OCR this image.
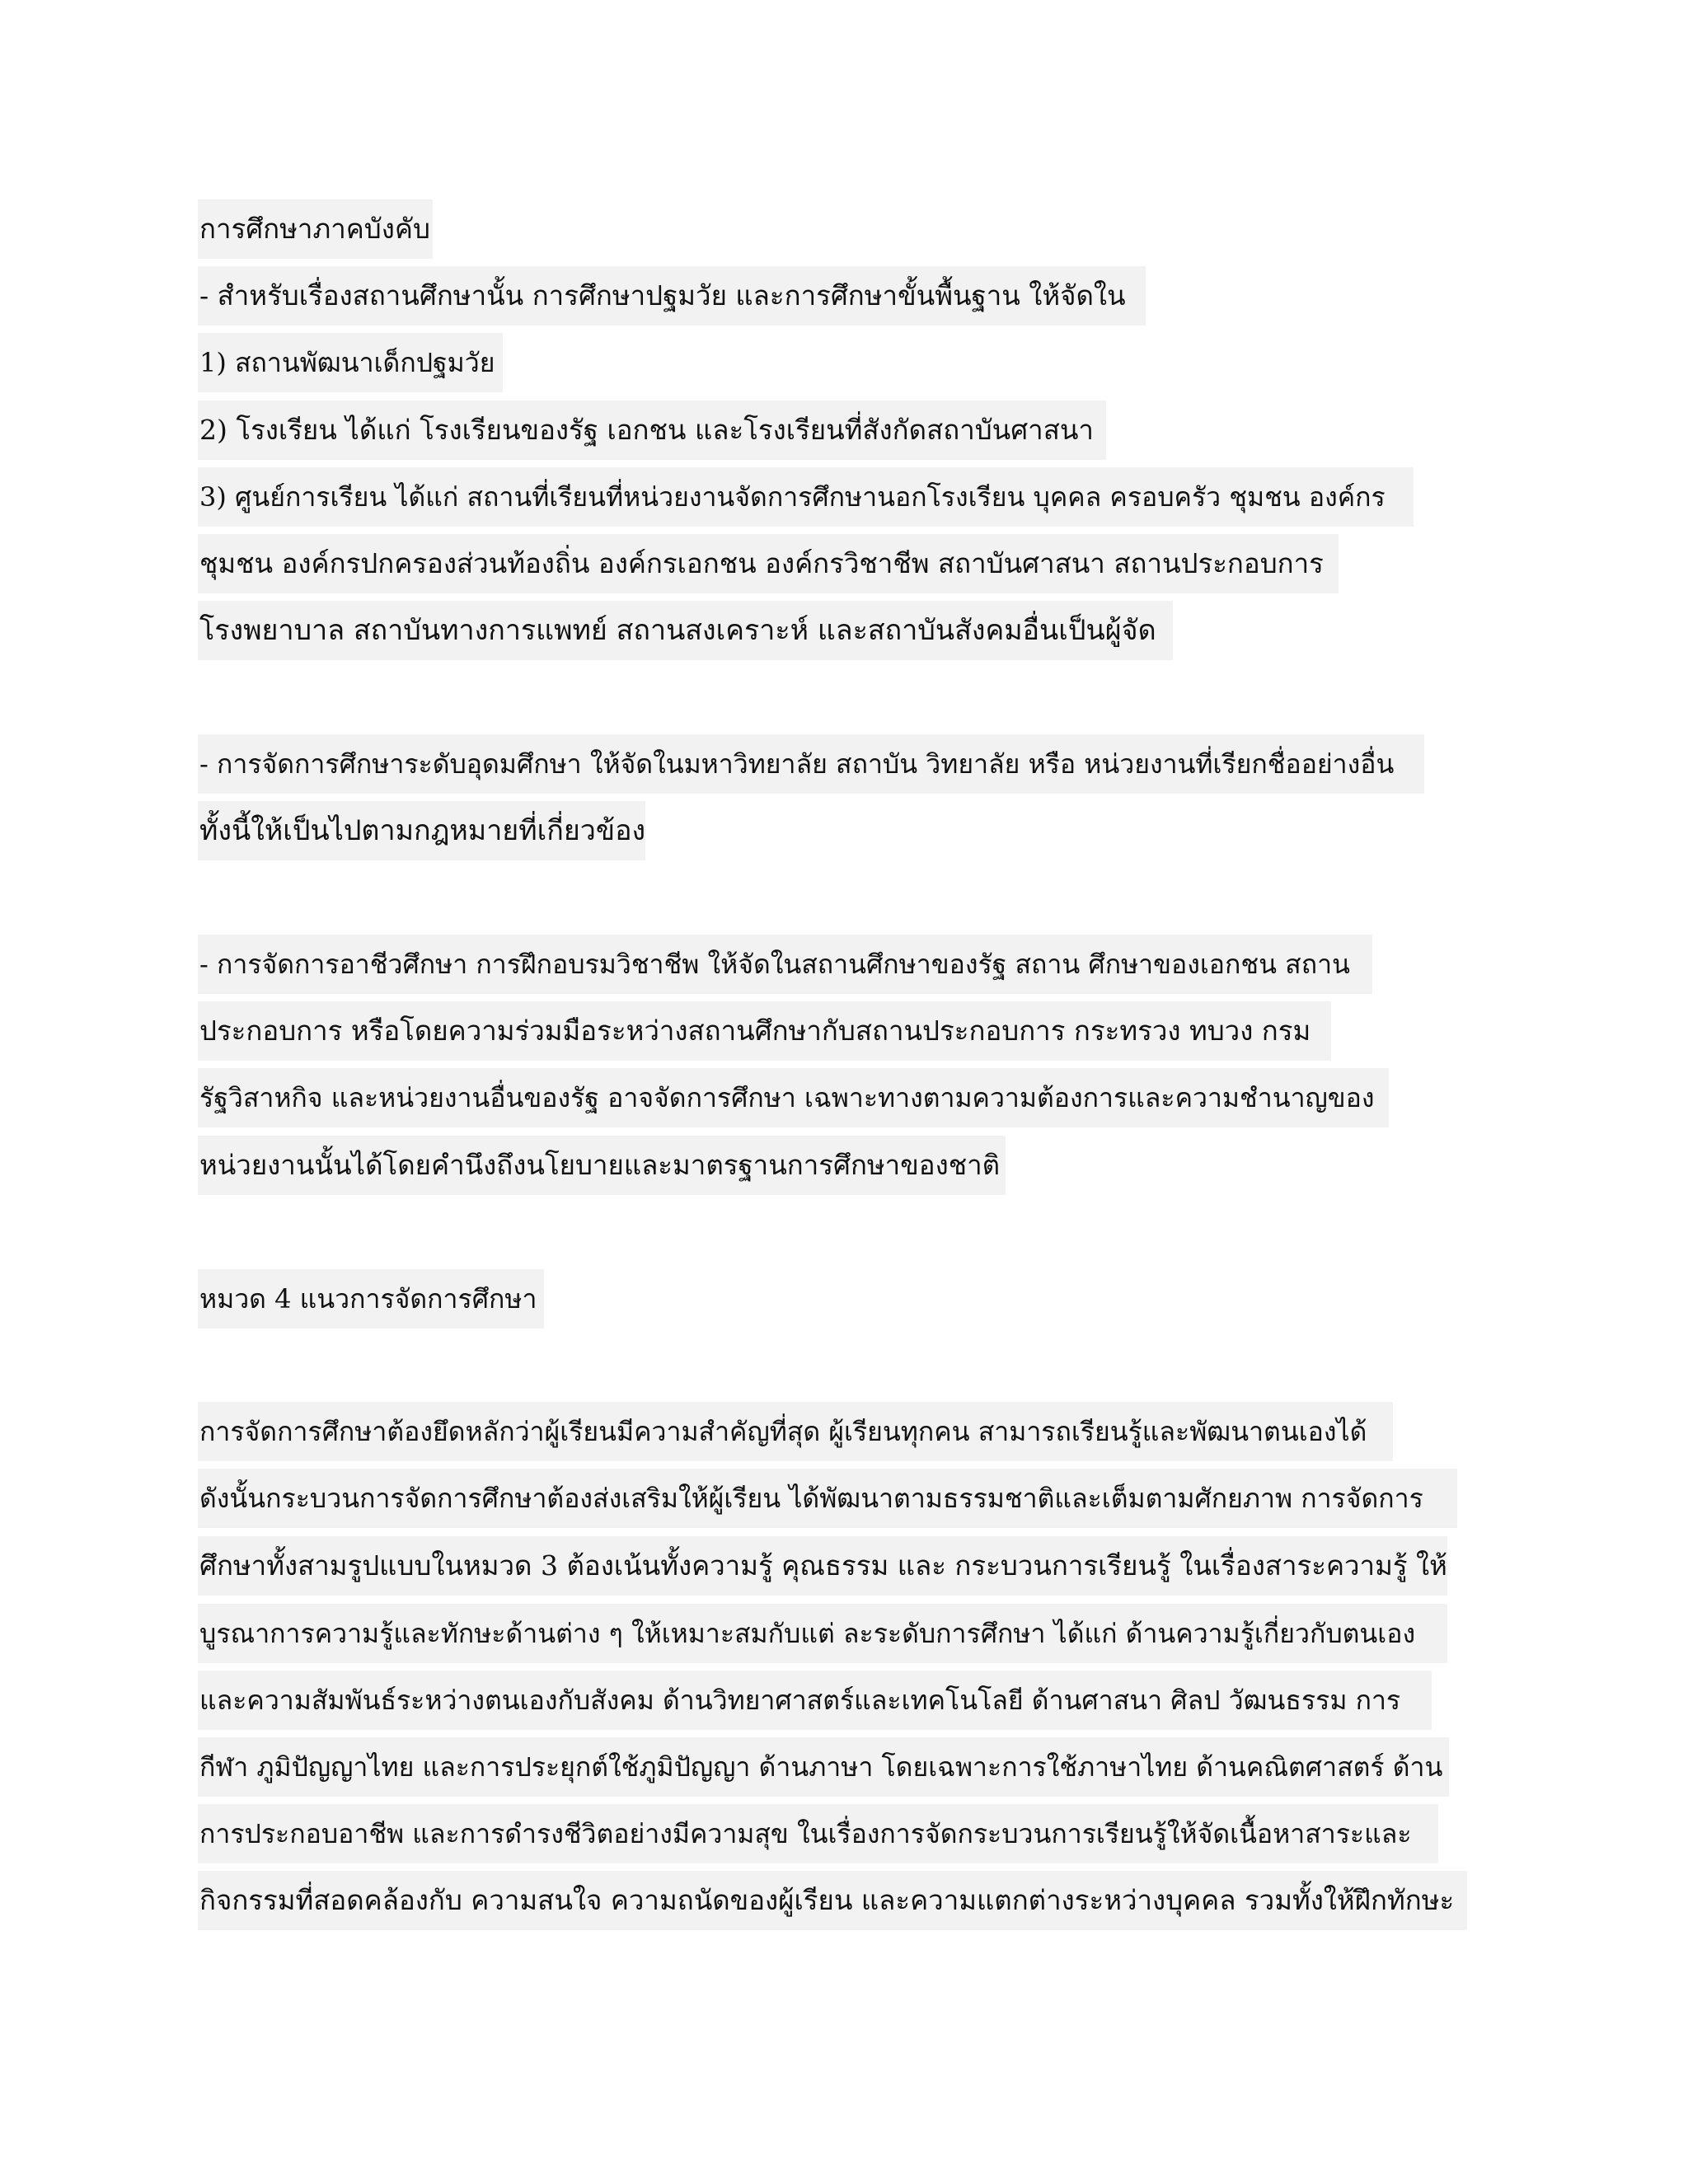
การศึกษาภาคบังคับ
- สำหรับเรื่องสถานศึกษานั้น การศึกษาปฐมวัย และการศึกษาขั้นพื้นฐาน ให้จัดใน
1) สถานพัฒนาเด็กปฐมวัย
2) โรงเรียน ได้แก่ โรงเรียนของรัฐ เอกชน และโรงเรียนที่สังกัดสถาบันศาสนา
3) ศูนย์การเรียน ได้แก่ สถานที่เรียนที่หน่วยงานจัดการศึกษานอกโรงเรียน บุคคล ครอบครัว ชุมชน องค์กร
ชุมชน องค์กรปกครองส่วนท้องถิ่น องค์กรเอกชน องค์กรวิชาชีพ สถาบันศาสนา สถานประกอบการ
โรงพยาบาล สถาบันทางการแพทย์ สถานสงเคราะห์ และสถาบันสังคมอื่นเป็นผู้จัด
- การจัดการศึกษาระดับอุดมศึกษา ให้จัดในมหาวิทยาลัย สถาบัน วิทยาลัย หรือ หน่วยงานที่เรียกชื่ออย่างอื่น
ทั้งนี้ให้เป็นไปตามกฎหมายที่เกี่ยวข้อง
- การจัดการอาชีวศึกษา การฝึกอบรมวิชาชีพ ให้จัดในสถานศึกษาของรัฐ สถาน ศึกษาของเอกชน สถาน
ประกอบการ หรือโดยความร่วมมือระหว่างสถานศึกษากับสถานประกอบการ กระทรวง ทบวง กรม
รัฐวิสาหกิจ และหน่วยงานอื่นของรัฐ อาจจัดการศึกษา เฉพาะทางตามความต้องการและความชำนาญของ
หน่วยงานนั้นได้โดยคำนึงถึงนโยบายและมาตรฐานการศึกษาของชาติ
หมวด 4 แนวการจัดการศึกษา
การจัดการศึกษาต้องยึดหลักว่าผู้เรียนมีความสำคัญที่สุด ผู้เรียนทุกคน สามารถเรียนรู้และพัฒนาตนเองได้
ดังนั้นกระบวนการจัดการศึกษาต้องส่งเสริมให้ผู้เรียน ได้พัฒนาตามธรรมชาติและเต็มตามศักยภาพ การจัดการ
ศึกษาทั้งสามรูปแบบในหมวด 3 ต้องเน้นทั้งความรู้ คุณธรรม และ กระบวนการเรียนรู้ ในเรื่องสาระความรู้ ให้
บูรณาการความรู้และทักษะด้านต่าง ๆ ให้เหมาะสมกับแต่ ละระดับการศึกษา ได้แก่ ด้านความรู้เกี่ยวกับตนเอง
และความสัมพันธ์ระหว่างตนเองกับสังคม ด้านวิทยาศาสตร์และเทคโนโลยี ด้านศาสนา ศิลป วัฒนธรรม การ
กีฬา ภูมิปัญญาไทย และการประยุกต์ใช้ภูมิปัญญา ด้านภาษา โดยเฉพาะการใช้ภาษาไทย ด้านคณิตศาสตร์ ด้าน
การประกอบอาชีพ และการดำรงชีวิตอย่างมีความสุข ในเรื่องการจัดกระบวนการเรียนรู้ให้จัดเนื้อหาสาระและ
กิจกรรมที่สอดคล้องกับ ความสนใจ ความถนัดของผู้เรียน และความแตกต่างระหว่างบุคคล รวมทั้งให้ฝึกทักษะ
